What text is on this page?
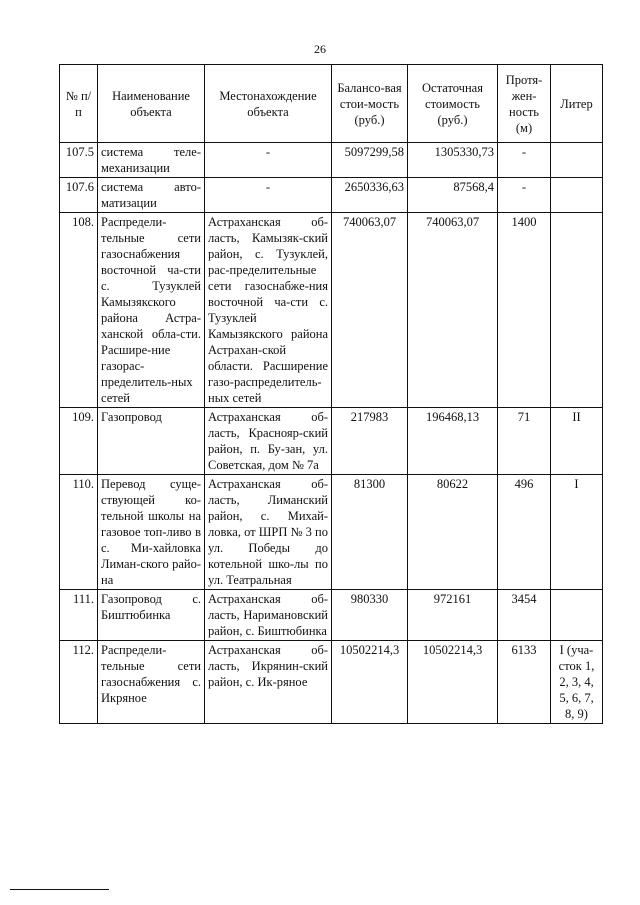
26
№ п/п	Наименование объекта	Местонахождение объекта	Балансо-вая стои-мость (руб.)	Остаточная стоимость (руб.)	Протя-жен-ность (м)	Литер
107.5	система теле-механизации	-	5097299,58	1305330,73	-	
107.6	система авто-матизации	-	2650336,63	87568,4	-	
108.	Распредели-тельные сети газоснабжения восточной ча-сти с. Тузуклей Камызякского района Астра-ханской обла-сти. Расшире-ние газорас-пределитель-ных сетей	Астраханская об-ласть, Камызяк-ский район, с. Тузуклей, рас-пределительные сети газоснабже-ния восточной ча-сти с. Тузуклей Камызякского района Астрахан-ской области. Расширение газо-распределитель-ных сетей	740063,07	740063,07	1400	
109.	Газопровод	Астраханская об-ласть, Краснояр-ский район, п. Бу-зан, ул. Советская, дом № 7а	217983	196468,13	71	II
110.	Перевод суще-ствующей ко-тельной школы на газовое топ-ливо в с. Ми-хайловка Лиман-ского райо-на	Астраханская об-ласть, Лиманский район, с. Михай-ловка, от ШРП № 3 по ул. Победы до котельной шко-лы по ул. Театральная	81300	80622	496	I
111.	Газопровод с. Биштюбинка	Астраханская об-ласть, Наримановский район, с. Биштюбинка	980330	972161	3454	
112.	Распредели-тельные сети газоснабжения с. Икряное	Астраханская об-ласть, Икрянин-ский район, с. Ик-ряное	10502214,3	10502214,3	6133	I (уча-сток 1, 2, 3, 4, 5, 6, 7, 8, 9)
